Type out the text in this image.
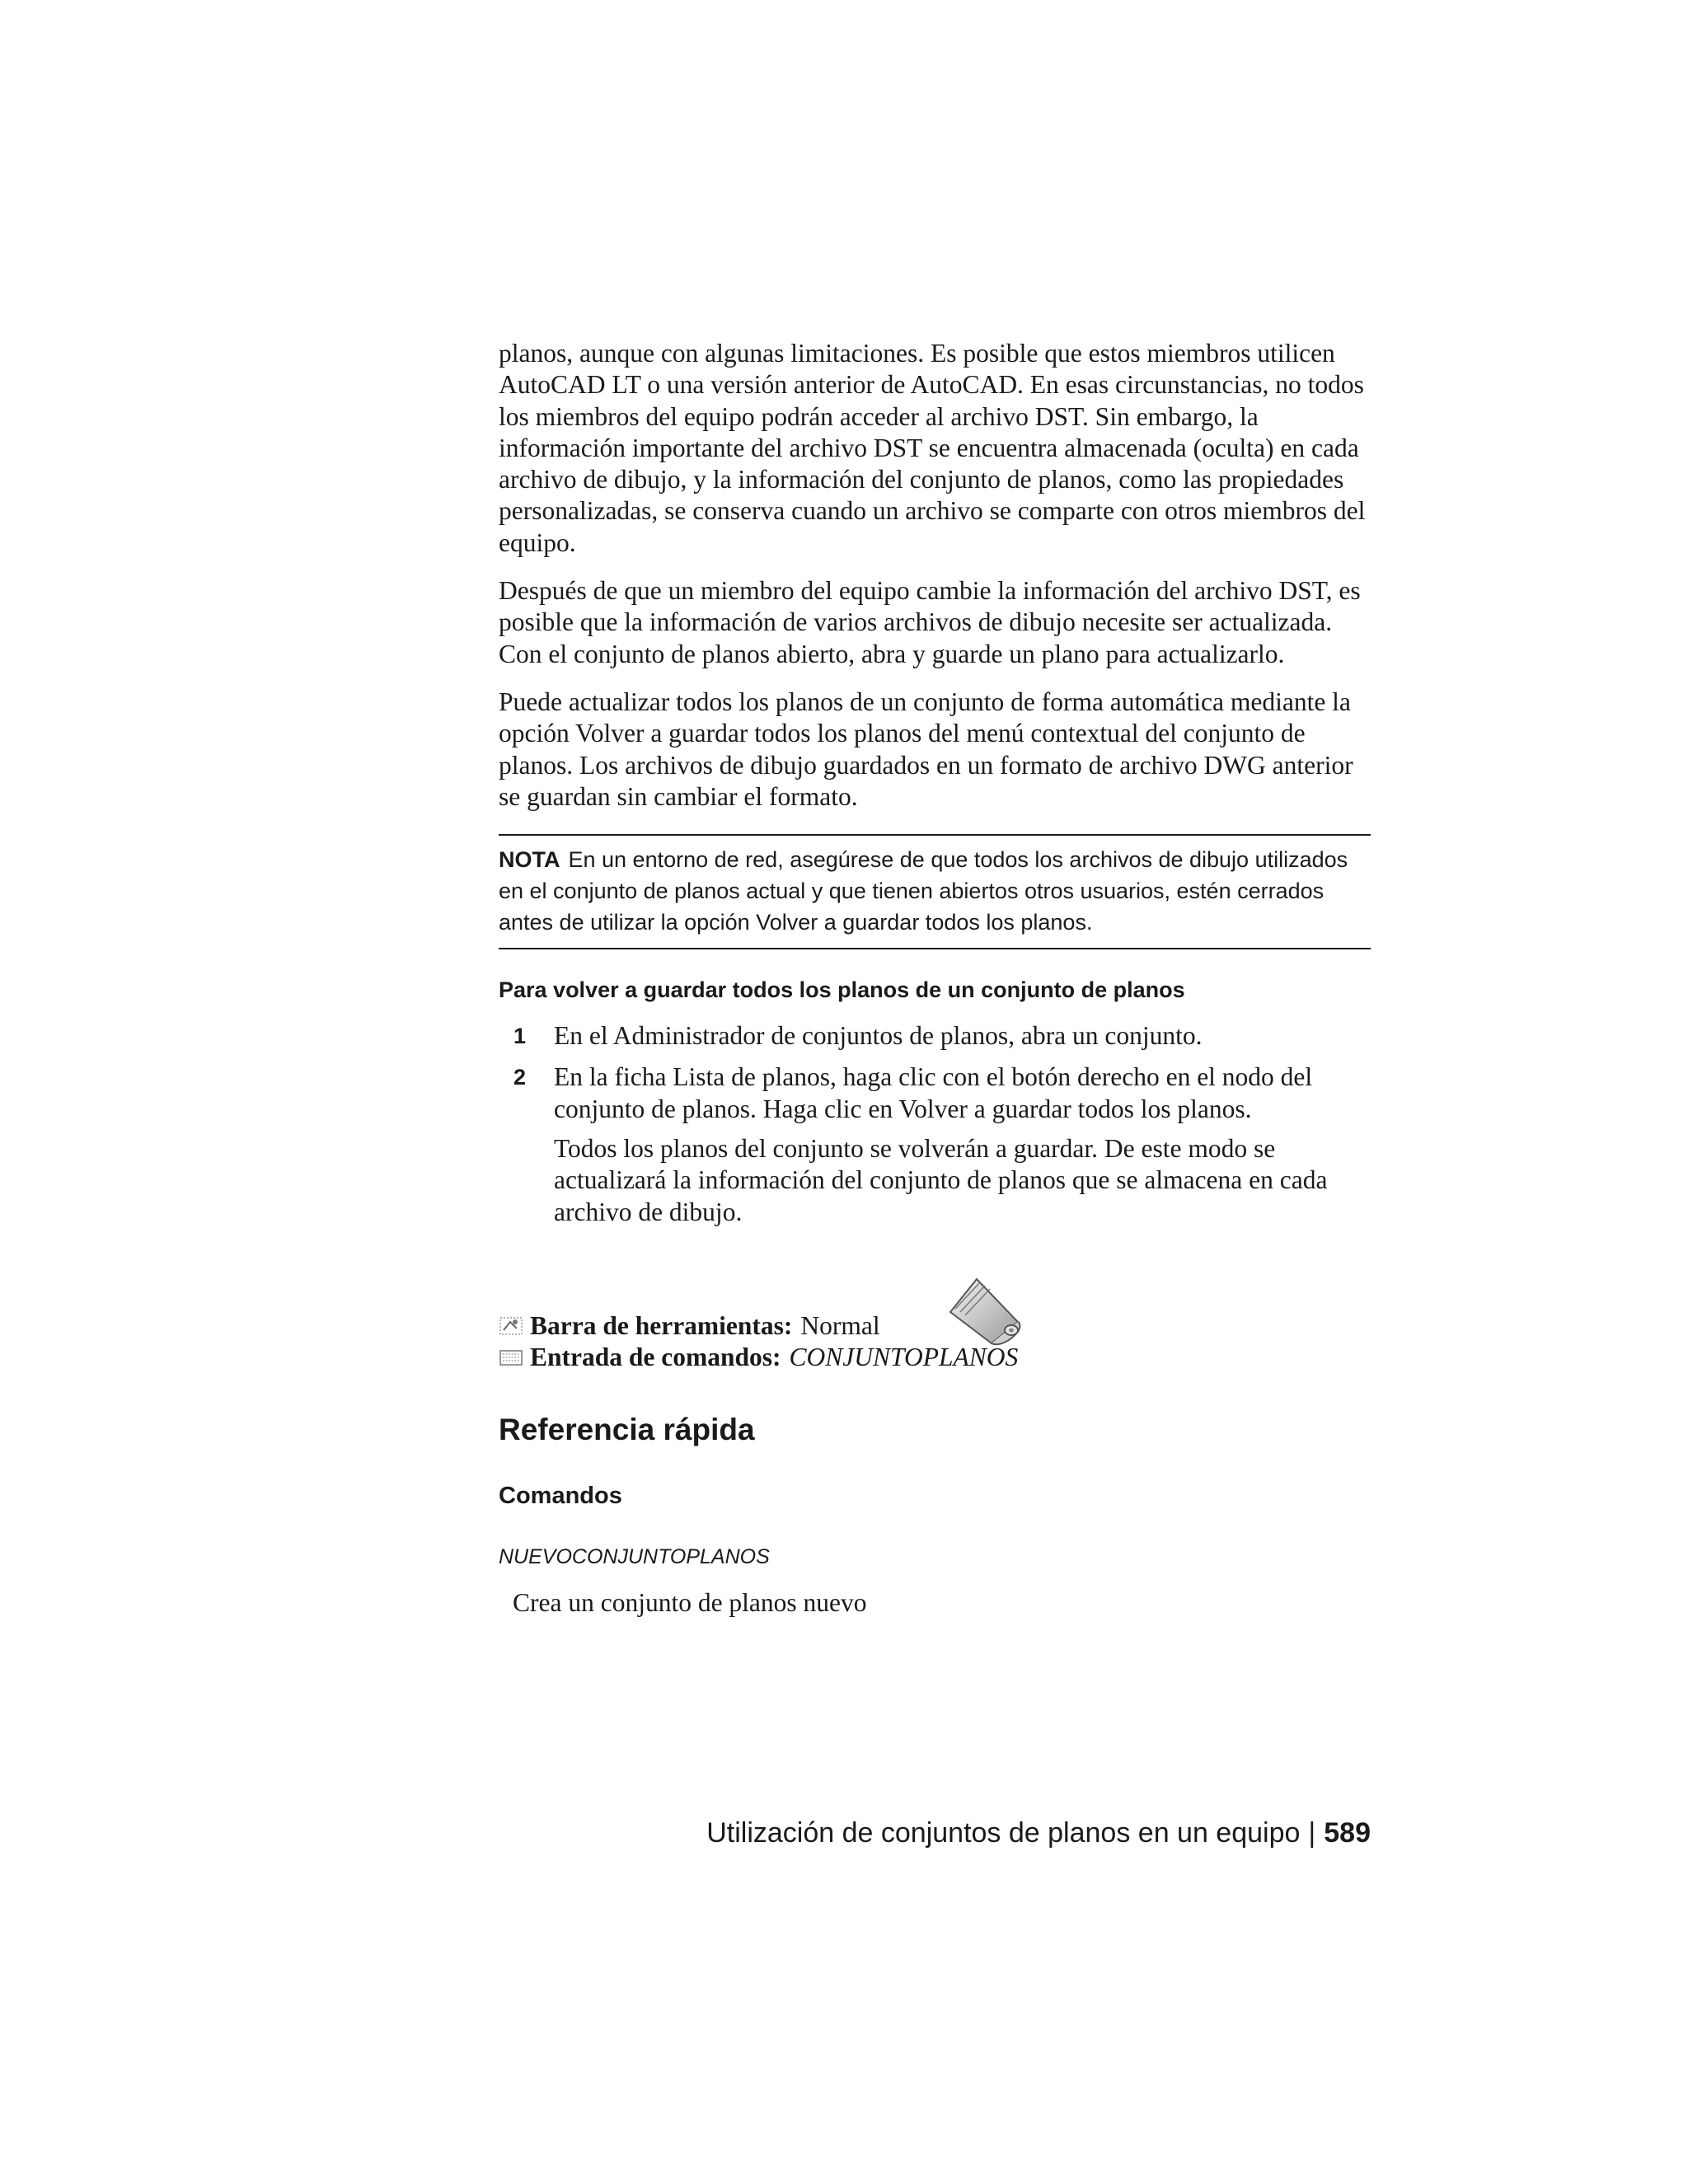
planos, aunque con algunas limitaciones. Es posible que estos miembros utilicen AutoCAD LT o una versión anterior de AutoCAD. En esas circunstancias, no todos los miembros del equipo podrán acceder al archivo DST. Sin embargo, la información importante del archivo DST se encuentra almacenada (oculta) en cada archivo de dibujo, y la información del conjunto de planos, como las propiedades personalizadas, se conserva cuando un archivo se comparte con otros miembros del equipo.

Después de que un miembro del equipo cambie la información del archivo DST, es posible que la información de varios archivos de dibujo necesite ser actualizada. Con el conjunto de planos abierto, abra y guarde un plano para actualizarlo.

Puede actualizar todos los planos de un conjunto de forma automática mediante la opción Volver a guardar todos los planos del menú contextual del conjunto de planos. Los archivos de dibujo guardados en un formato de archivo DWG anterior se guardan sin cambiar el formato.

NOTA En un entorno de red, asegúrese de que todos los archivos de dibujo utilizados en el conjunto de planos actual y que tienen abiertos otros usuarios, estén cerrados antes de utilizar la opción Volver a guardar todos los planos.
Para volver a guardar todos los planos de un conjunto de planos
1	En el Administrador de conjuntos de planos, abra un conjunto.
2	En la ficha Lista de planos, haga clic con el botón derecho en el nodo del conjunto de planos. Haga clic en Volver a guardar todos los planos.
Todos los planos del conjunto se volverán a guardar. De este modo se actualizará la información del conjunto de planos que se almacena en cada archivo de dibujo.
Barra de herramientas: Normal
Entrada de comandos: CONJUNTOPLANOS
Referencia rápida
Comandos
NUEVOCONJUNTOPLANOS
Crea un conjunto de planos nuevo
Utilización de conjuntos de planos en un equipo | 589
